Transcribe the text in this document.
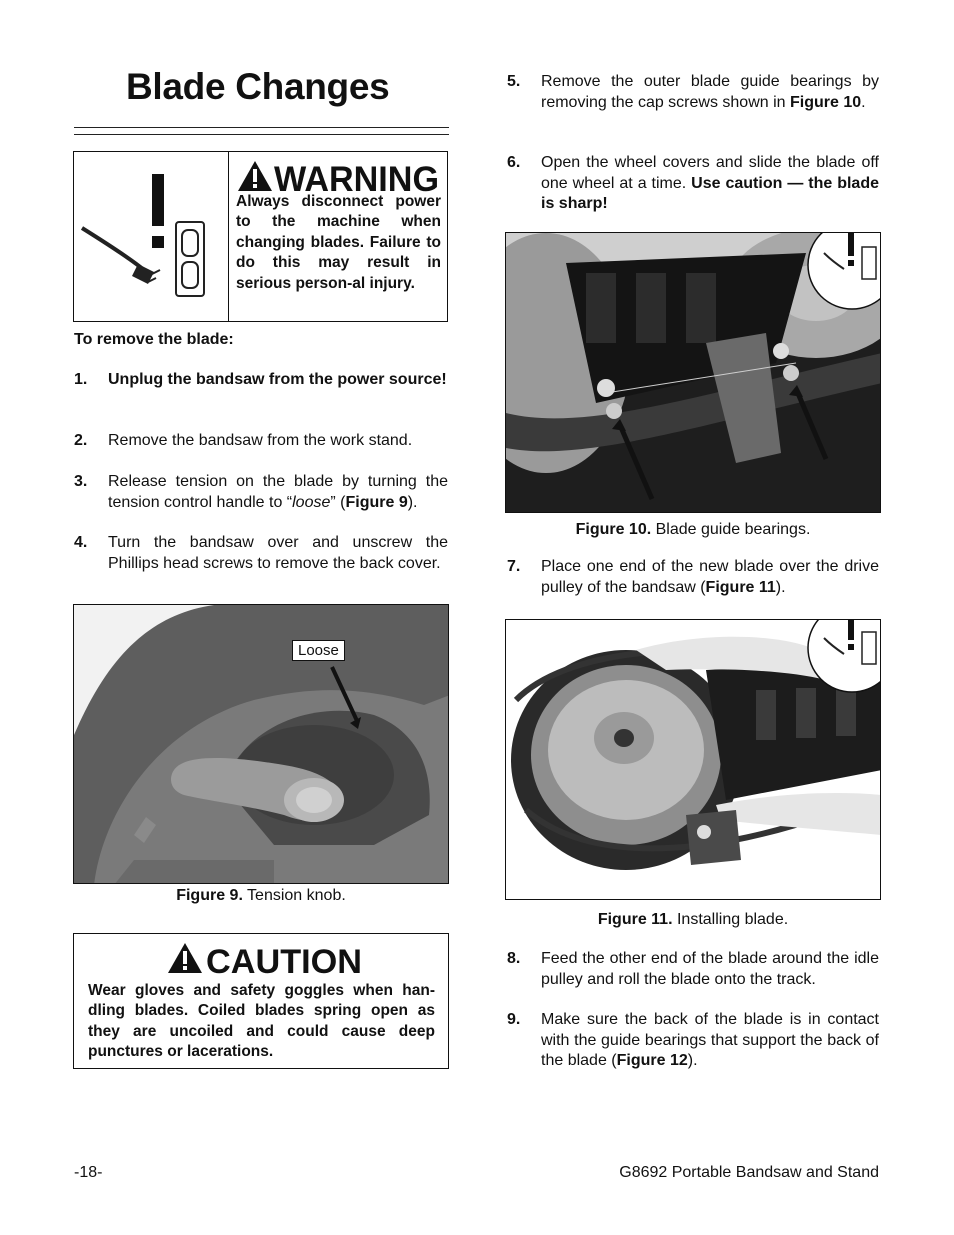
Blade Changes
WARNING
Always disconnect power to the machine when changing blades. Failure to do this may result in serious person-al injury.
To remove the blade:
1. Unplug the bandsaw from the power source!
2. Remove the bandsaw from the work stand.
3. Release tension on the blade by turning the tension control handle to “loose” (Figure 9).
4. Turn the bandsaw over and unscrew the Phillips head screws to remove the back cover.
Loose
Figure 9. Tension knob.
CAUTION
Wear gloves and safety goggles when han-dling blades. Coiled blades spring open as they are uncoiled and could cause deep punctures or lacerations.
5. Remove the outer blade guide bearings by removing the cap screws shown in Figure 10.
6. Open the wheel covers and slide the blade off one wheel at a time. Use caution — the blade is sharp!
Figure 10. Blade guide bearings.
7. Place one end of the new blade over the drive pulley of the bandsaw (Figure 11).
Figure 11. Installing blade.
8. Feed the other end of the blade around the idle pulley and roll the blade onto the track.
9. Make sure the back of the blade is in contact with the guide bearings that support the back of the blade (Figure 12).
-18-	G8692 Portable Bandsaw and Stand
